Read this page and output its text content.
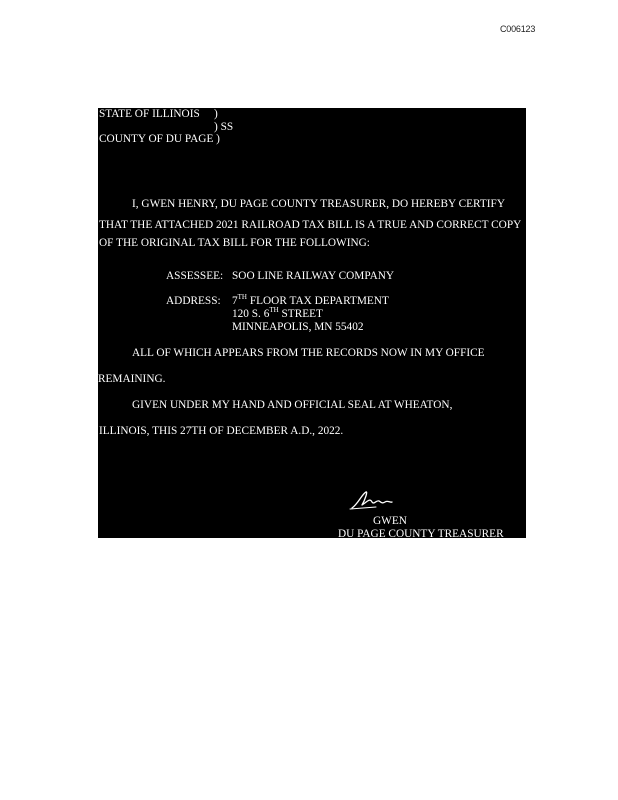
C006123
STATE OF ILLINOIS )
) SS
COUNTY OF DU PAGE )
I, GWEN HENRY, DU PAGE COUNTY TREASURER, DO HEREBY CERTIFY
THAT THE ATTACHED 2021 RAILROAD TAX BILL IS A TRUE AND CORRECT COPY
OF THE ORIGINAL TAX BILL FOR THE FOLLOWING:
ASSESSEE: SOO LINE RAILWAY COMPANY
ADDRESS: 7TH FLOOR TAX DEPARTMENT
120 S. 6TH STREET
MINNEAPOLIS, MN 55402
ALL OF WHICH APPEARS FROM THE RECORDS NOW IN MY OFFICE
REMAINING.
GIVEN UNDER MY HAND AND OFFICIAL SEAL AT WHEATON,
ILLINOIS, THIS 27TH OF DECEMBER A.D., 2022.
GWEN
DU PAGE COUNTY TREASURER
